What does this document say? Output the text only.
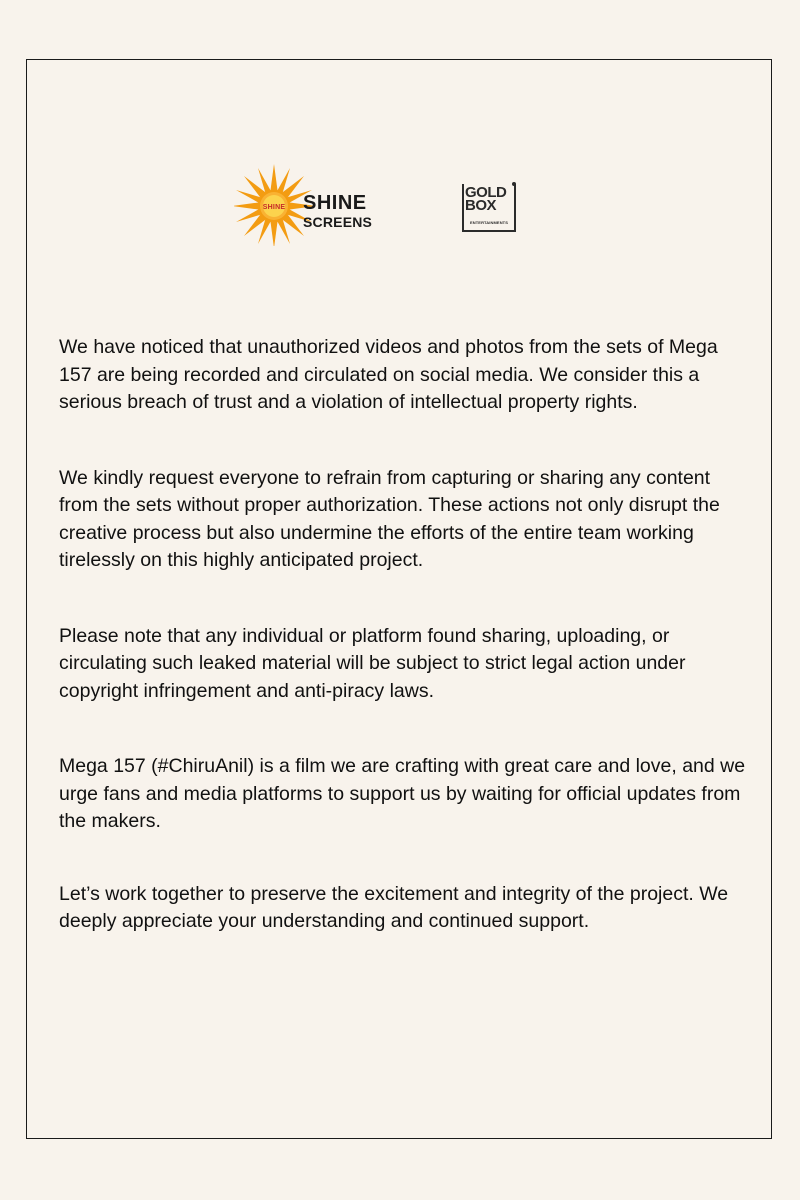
SHINE SHINE
SCREENS
GOLD
BOX
ENTERTAINMENTS

We have noticed that unauthorized videos and photos from the sets of Mega 157 are being recorded and circulated on social media. We consider this a serious breach of trust and a violation of intellectual property rights.

We kindly request everyone to refrain from capturing or sharing any content from the sets without proper authorization. These actions not only disrupt the creative process but also undermine the efforts of the entire team working tirelessly on this highly anticipated project.

Please note that any individual or platform found sharing, uploading, or circulating such leaked material will be subject to strict legal action under copyright infringement and anti-piracy laws.

Mega 157 (#ChiruAnil) is a film we are crafting with great care and love, and we urge fans and media platforms to support us by waiting for official updates from the makers.

Let’s work together to preserve the excitement and integrity of the project. We deeply appreciate your understanding and continued support.
